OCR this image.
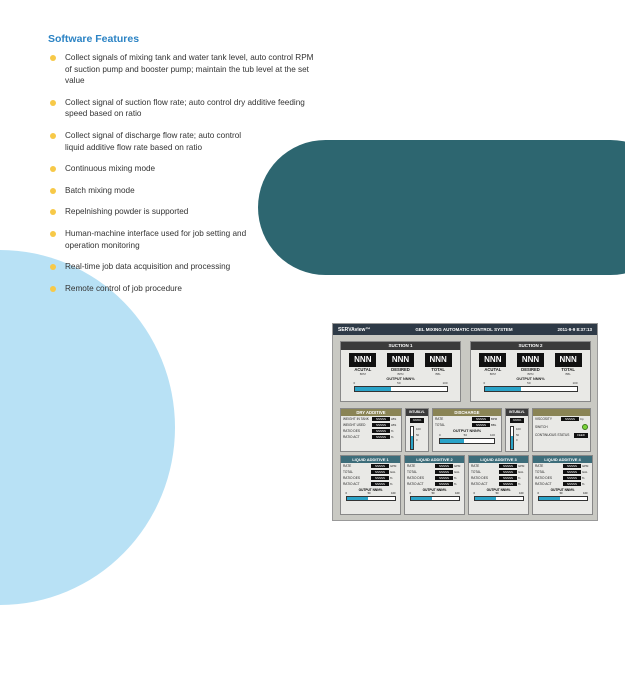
Software Features
Collect signals of mixing tank and water tank level, auto control RPM of suction pump and booster pump; maintain the tub level at the set value
Collect signal of suction flow rate; auto control dry additive feeding speed based on ratio
Collect signal of discharge flow rate; auto control liquid additive flow rate based on ratio
Continuous mixing mode
Batch mixing mode
Repelnishing powder is supported
Human-machine interface used for job setting and operation monitoring
Real-time job data acquisition and processing
Remote control of job procedure
SERVAview™	GEL MIXING AUTOMATIC CONTROL SYSTEM	2011-9-9 8:37:13
SUCTION 1
NNN
ACUTAL
BPM
NNN
DESIRED
BPM
NNN
TOTAL
BBL
OUTPUT NNN%
0	50	100
SUCTION 2
NNN
ACUTAL
BPM
NNN
DESIRED
BPM
NNN
TOTAL
BBL
OUTPUT NNN%
0	50	100
DRY ADDITIVE
WEIGHT IN TANK	NNNNN	LBS
WEIGHT USED	NNNNN	LBS
RATIO DES	NNNNN	%
RATIO ACT	NNNNN	%
INTUBLVL
NNN%
100
50
0
DISCHARGE
RATE	NNNNN	BPM
TOTAL	NNNNN	BBL
OUTPUT NNN%
0	50	100
INTUBLVL
NNN%
100
50
0
VISCOSITY	NNNNN	Cp
SWITCH
CONTINUOUS STATUS	FEED
LIQUID ADDITIVE 1
RATE	NNNNN	GPM
TOTAL	NNNNN	GAL
RATIO DES	NNNNN	%
RATIO ACT	NNNNN	%
OUTPUT NNN%
0	50	100
LIQUID ADDITIVE 2
RATE	NNNNN	GPM
TOTAL	NNNNN	GAL
RATIO DES	NNNNN	%
RATIO ACT	NNNNN	%
OUTPUT NNN%
0	50	100
LIQUID ADDITIVE 3
RATE	NNNNN	GPM
TOTAL	NNNNN	GAL
RATIO DES	NNNNN	%
RATIO ACT	NNNNN	%
OUTPUT NNN%
0	50	100
LIQUID ADDITIVE 4
RATE	NNNNN	GPM
TOTAL	NNNNN	GAL
RATIO DES	NNNNN	%
RATIO ACT	NNNNN	%
OUTPUT NNN%
0	50	100
